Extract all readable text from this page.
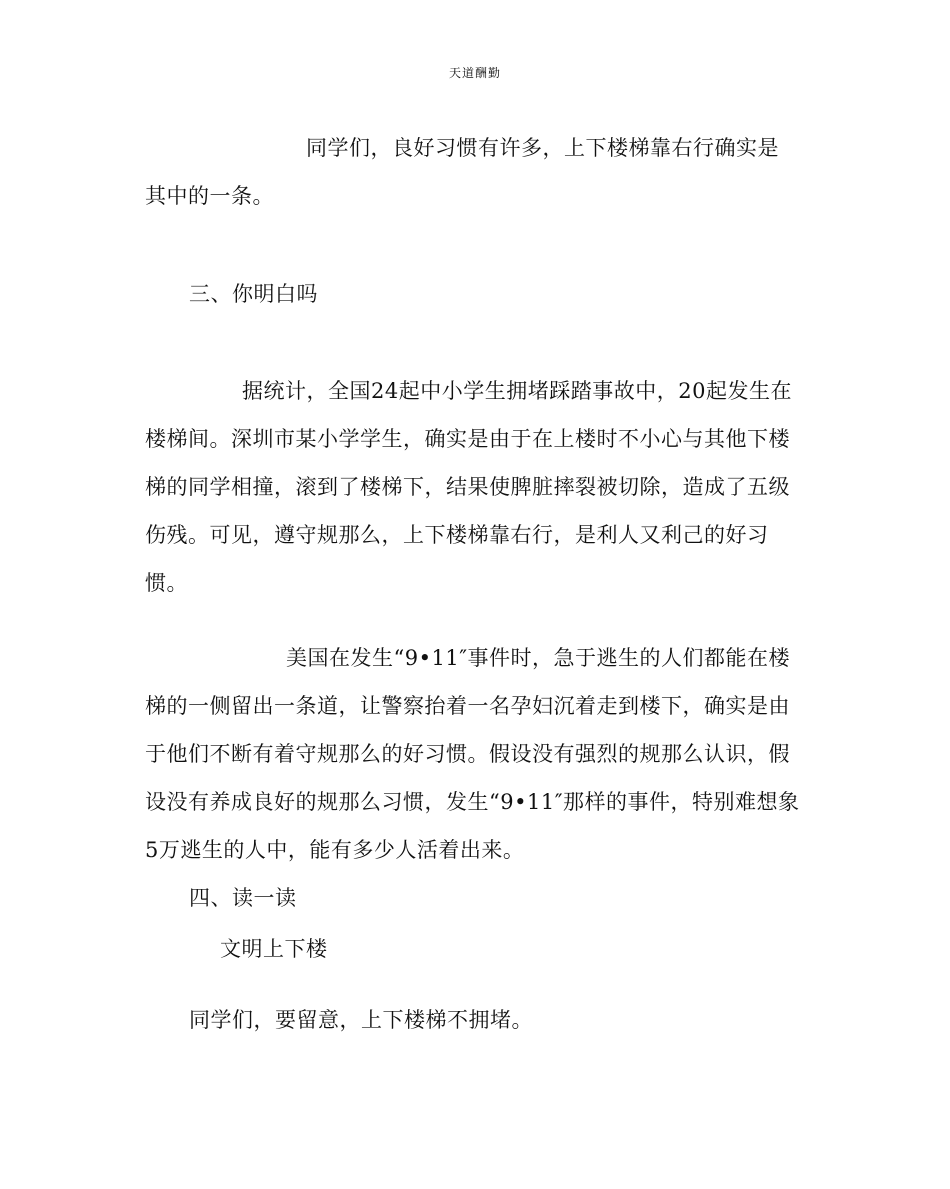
天道酬勤
同学们，良好习惯有许多，上下楼梯靠右行确实是
其中的一条。
三、你明白吗
据统计，全国24起中小学生拥堵踩踏事故中，20起发生在
楼梯间。深圳市某小学学生，确实是由于在上楼时不小心与其他下楼
梯的同学相撞，滚到了楼梯下，结果使脾脏摔裂被切除，造成了五级
伤残。可见，遵守规那么，上下楼梯靠右行，是利人又利己的好习
惯。
美国在发生“9•11″事件时，急于逃生的人们都能在楼
梯的一侧留出一条道，让警察抬着一名孕妇沉着走到楼下，确实是由
于他们不断有着守规那么的好习惯。假设没有强烈的规那么认识，假
设没有养成良好的规那么习惯，发生“9•11″那样的事件，特别难想象
5万逃生的人中，能有多少人活着出来。
四、读一读
文明上下楼
同学们，要留意，上下楼梯不拥堵。
